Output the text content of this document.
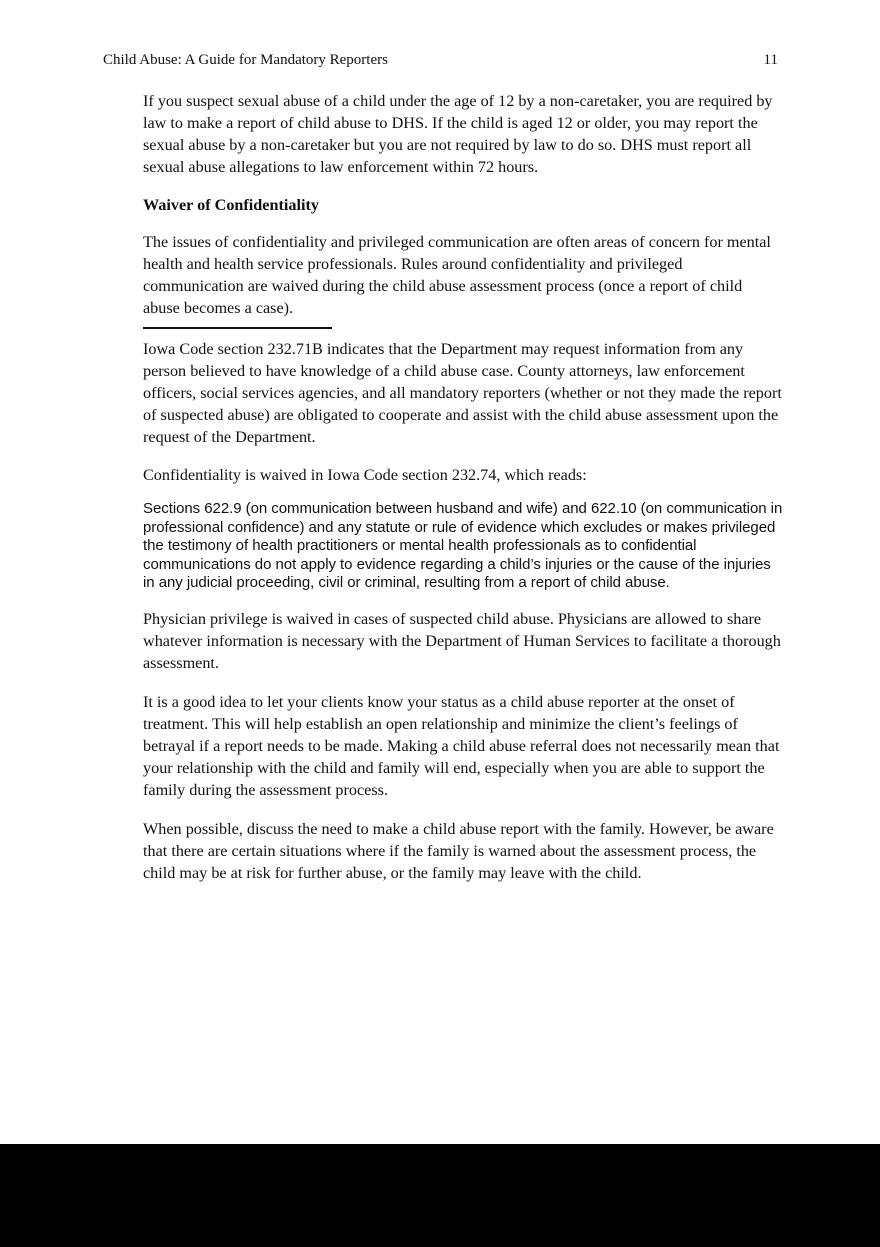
Child Abuse: A Guide for Mandatory Reporters	11

If you suspect sexual abuse of a child under the age of 12 by a non-caretaker, you are required by law to make a report of child abuse to DHS. If the child is aged 12 or older, you may report the sexual abuse by a non-caretaker but you are not required by law to do so. DHS must report all sexual abuse allegations to law enforcement within 72 hours.

Waiver of Confidentiality

The issues of confidentiality and privileged communication are often areas of concern for mental health and health service professionals. Rules around confidentiality and privileged communication are waived during the child abuse assessment process (once a report of child abuse becomes a case).

Iowa Code section 232.71B indicates that the Department may request information from any person believed to have knowledge of a child abuse case. County attorneys, law enforcement officers, social services agencies, and all mandatory reporters (whether or not they made the report of suspected abuse) are obligated to cooperate and assist with the child abuse assessment upon the request of the Department.

Confidentiality is waived in Iowa Code section 232.74, which reads:

Sections 622.9 (on communication between husband and wife) and 622.10 (on communication in professional confidence) and any statute or rule of evidence which excludes or makes privileged the testimony of health practitioners or mental health professionals as to confidential communications do not apply to evidence regarding a child’s injuries or the cause of the injuries in any judicial proceeding, civil or criminal, resulting from a report of child abuse.

Physician privilege is waived in cases of suspected child abuse. Physicians are allowed to share whatever information is necessary with the Department of Human Services to facilitate a thorough assessment.

It is a good idea to let your clients know your status as a child abuse reporter at the onset of treatment. This will help establish an open relationship and minimize the client’s feelings of betrayal if a report needs to be made. Making a child abuse referral does not necessarily mean that your relationship with the child and family will end, especially when you are able to support the family during the assessment process.

When possible, discuss the need to make a child abuse report with the family. However, be aware that there are certain situations where if the family is warned about the assessment process, the child may be at risk for further abuse, or the family may leave with the child.
